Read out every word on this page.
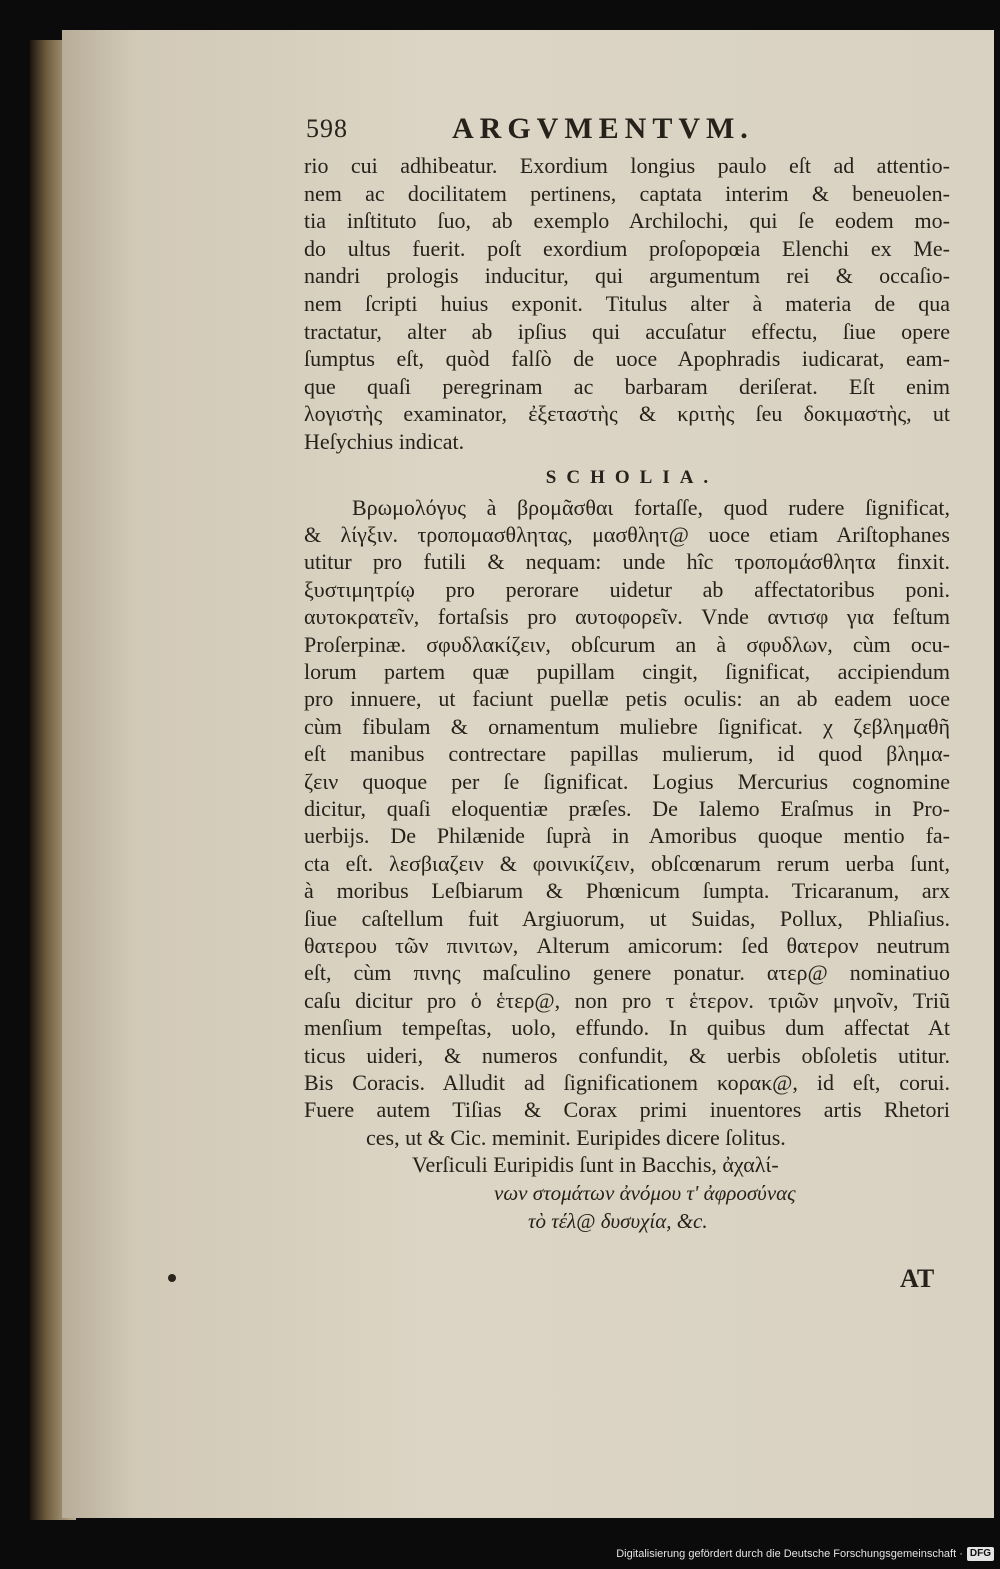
598	ARGVMENTVM.
rio cui adhibeatur. Exordium longius paulo eſt ad attentio-
nem ac docilitatem pertinens, captata interim & beneuolen-
tia inſtituto ſuo, ab exemplo Archilochi, qui ſe eodem mo-
do ultus fuerit. poſt exordium proſopopœia Elenchi ex Me-
nandri prologis inducitur, qui argumentum rei & occaſio-
nem ſcripti huius exponit. Titulus alter à materia de qua
tractatur, alter ab ipſius qui accuſatur effectu, ſiue opere
ſumptus eſt, quòd falſò de uoce Apophradis iudicarat, eam-
que quaſi peregrinam ac barbaram deriſerat. Eſt enim
λογιστὴς examinator, ἐξεταστὴς & κριτὴς ſeu δοκιμαστὴς, ut
Heſychius indicat.
SCHOLIA.
Βρωμολόγυς à βρομᾶσθαι fortaſſe, quod rudere ſignificat,
& λίγξιν. τροπομασθλητας, μασθλητ@ uoce etiam Ariſtophanes
utitur pro futili & nequam: unde hîc τροπομάσθλητα finxit.
ξυστιμητρίῳ pro perorare uidetur ab affectatoribus poni.
αυτοκρατεῖν, fortaſsis pro αυτοφορεῖν. Vnde αντισφ για feſtum
Proſerpinæ. σφυδλακίζειν, obſcurum an à σφυδλων, cùm ocu-
lorum partem quæ pupillam cingit, ſignificat, accipiendum
pro innuere, ut faciunt puellæ petis oculis: an ab eadem uoce
cùm fibulam & ornamentum muliebre ſignificat. χ ζεβλημαθῆ
eſt manibus contrectare papillas mulierum, id quod βλημα-
ζειν quoque per ſe ſignificat. Logius Mercurius cognomine
dicitur, quaſi eloquentiæ præſes. De Ialemo Eraſmus in Pro-
uerbijs. De Philænide ſuprà in Amoribus quoque mentio fa-
cta eſt. λεσβιαζειν & φοινικίζειν, obſcœnarum rerum uerba ſunt,
à moribus Leſbiarum & Phœnicum ſumpta. Tricaranum, arx
ſiue caſtellum fuit Argiuorum, ut Suidas, Pollux, Phliaſius.
θατερου τῶν πινιτων, Alterum amicorum: ſed θατερον neutrum
eſt, cùm πινης maſculino genere ponatur. ατερ@ nominatiuo
caſu dicitur pro ὁ ἑτερ@, non pro τ ἑτερον. τριῶν μηνοῖν, Triũ
menſium tempeſtas, uolo, effundo. In quibus dum affectat At
ticus uideri, & numeros confundit, & uerbis obſoletis utitur.
Bis Coracis. Alludit ad ſignificationem κορακ@, id eſt, corui.
Fuere autem Tiſias & Corax primi inuentores artis Rhetori
ces, ut & Cic. meminit. Euripides dicere ſolitus.
Verſiculi Euripidis ſunt in Bacchis, ἀχαλί-
νων στομάτων ἀνόμου τ' ἀφροσύνας
τὸ τέλ@ δυσυχία, &c.
AT
Digitalisierung gefördert durch die Deutsche Forschungsgemeinschaft · DFG
